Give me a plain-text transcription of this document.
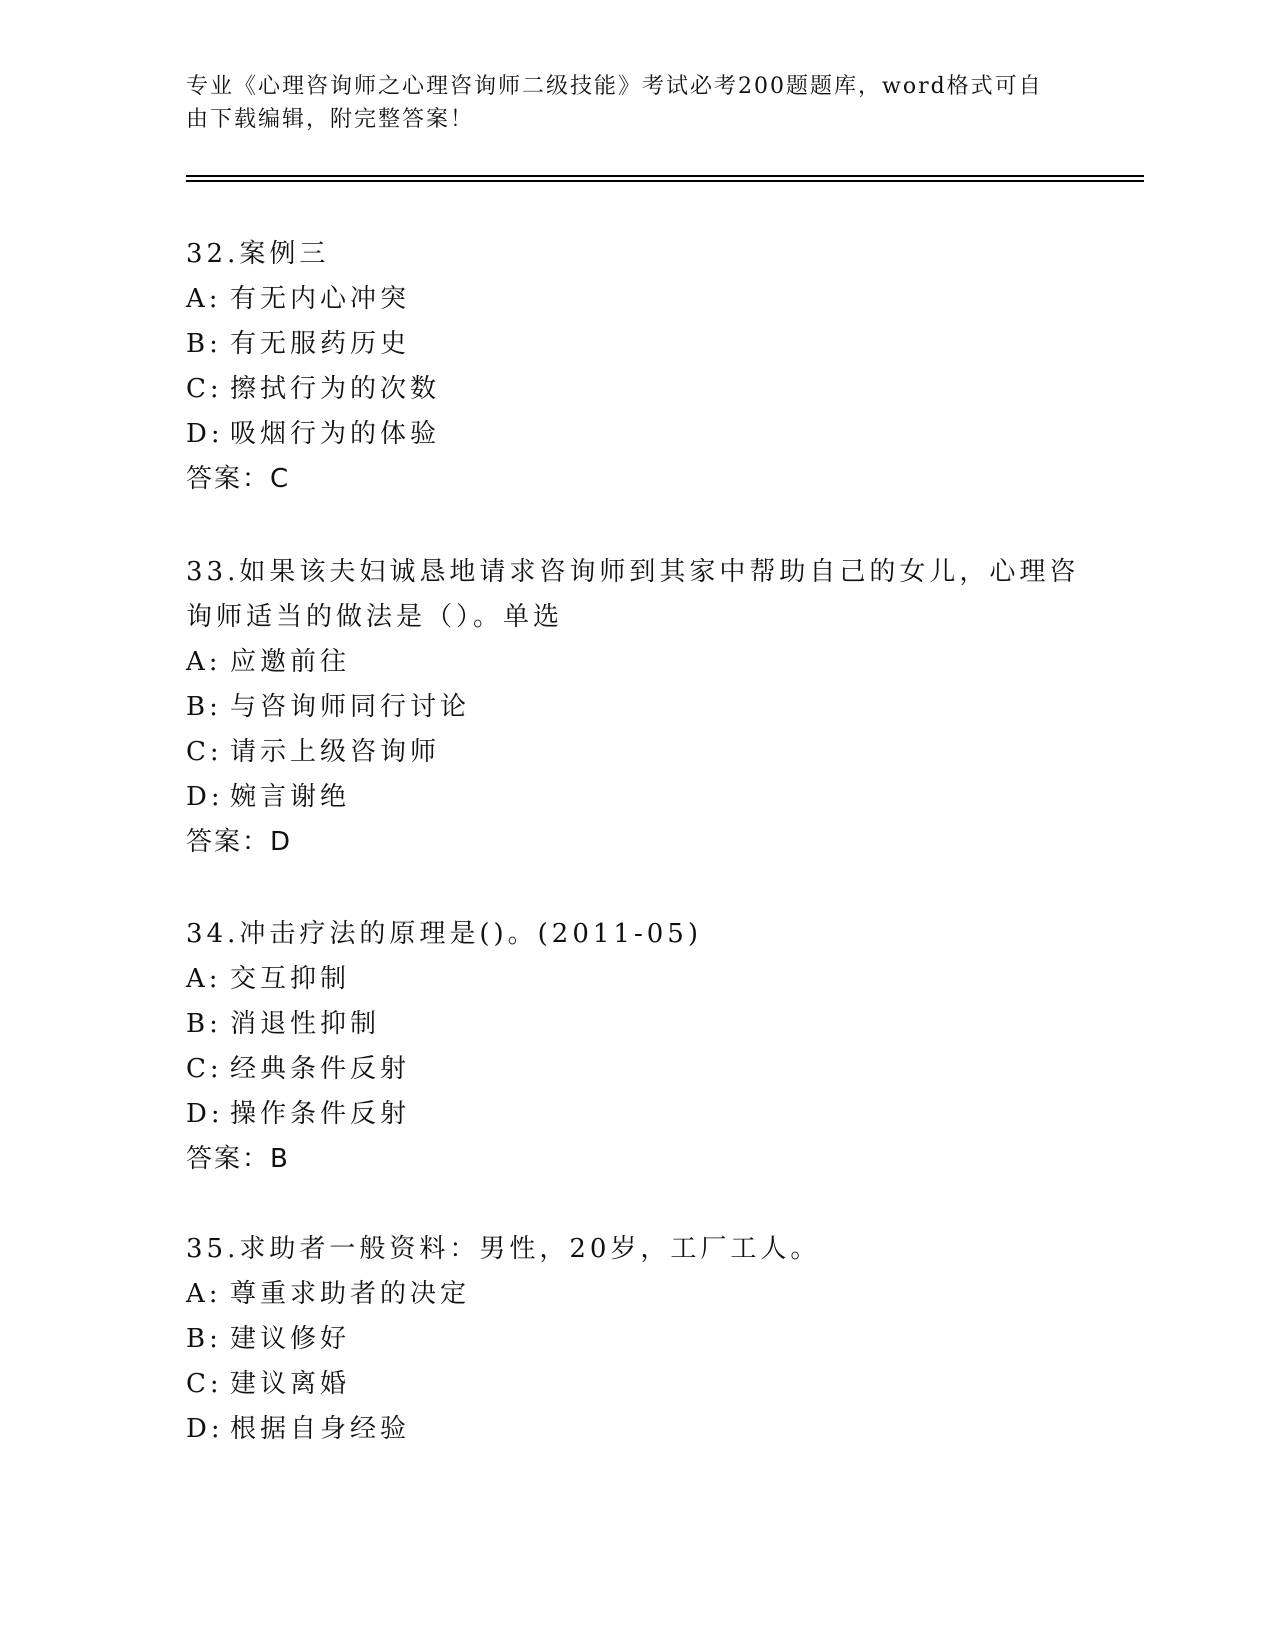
专业《心理咨询师之心理咨询师二级技能》考试必考200题题库，word格式可自由下载编辑，附完整答案！
32.案例三
A: 有无内心冲突
B: 有无服药历史
C: 擦拭行为的次数
D: 吸烟行为的体验
答案：C
33.如果该夫妇诚恳地请求咨询师到其家中帮助自己的女儿，心理咨询师适当的做法是（）。单选
A: 应邀前往
B: 与咨询师同行讨论
C: 请示上级咨询师
D: 婉言谢绝
答案：D
34.冲击疗法的原理是()。(2011-05)
A: 交互抑制
B: 消退性抑制
C: 经典条件反射
D: 操作条件反射
答案：B
35.求助者一般资料：男性，20岁，工厂工人。
A: 尊重求助者的决定
B: 建议修好
C: 建议离婚
D: 根据自身经验
